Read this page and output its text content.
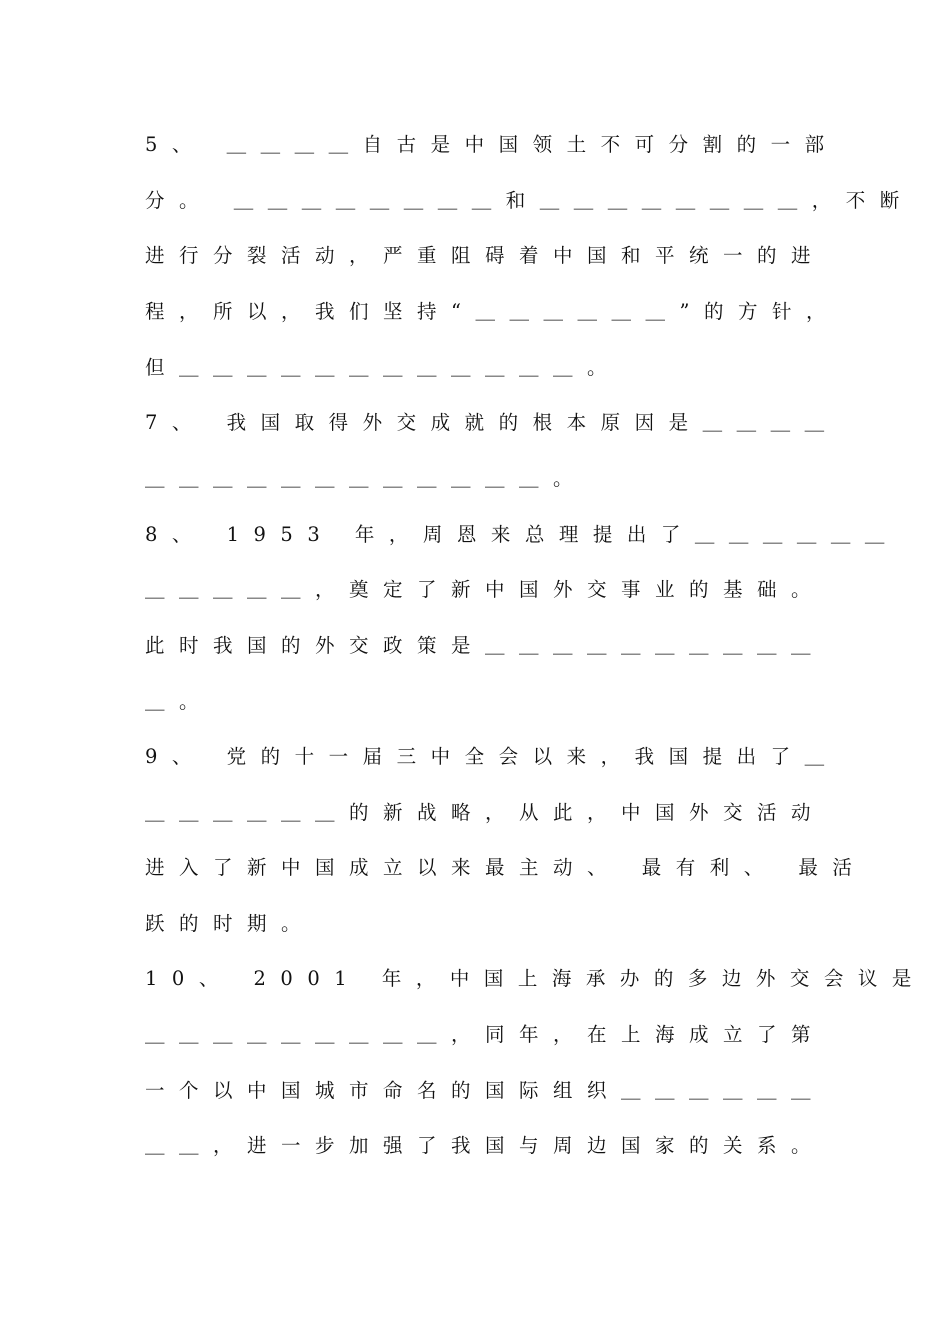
5、 ＿＿＿＿自古是中国领土不可分割的一部

分。 ＿＿＿＿＿＿＿＿和＿＿＿＿＿＿＿＿，不断

进行分裂活动，严重阻碍着中国和平统一的进

程，所以，我们坚持“＿＿＿＿＿＿”的方针，

但＿＿＿＿＿＿＿＿＿＿＿＿。

7、 我国取得外交成就的根本原因是＿＿＿＿

＿＿＿＿＿＿＿＿＿＿＿＿。

8、 1953 年，周恩来总理提出了＿＿＿＿＿＿

＿＿＿＿＿，奠定了新中国外交事业的基础。

此时我国的外交政策是＿＿＿＿＿＿＿＿＿＿

＿。

9、 党的十一届三中全会以来，我国提出了＿

＿＿＿＿＿＿的新战略，从此，中国外交活动

进入了新中国成立以来最主动、 最有利、 最活

跃的时期。

10、 2001 年，中国上海承办的多边外交会议是

＿＿＿＿＿＿＿＿＿，同年，在上海成立了第

一个以中国城市命名的国际组织＿＿＿＿＿＿

＿＿，进一步加强了我国与周边国家的关系。
